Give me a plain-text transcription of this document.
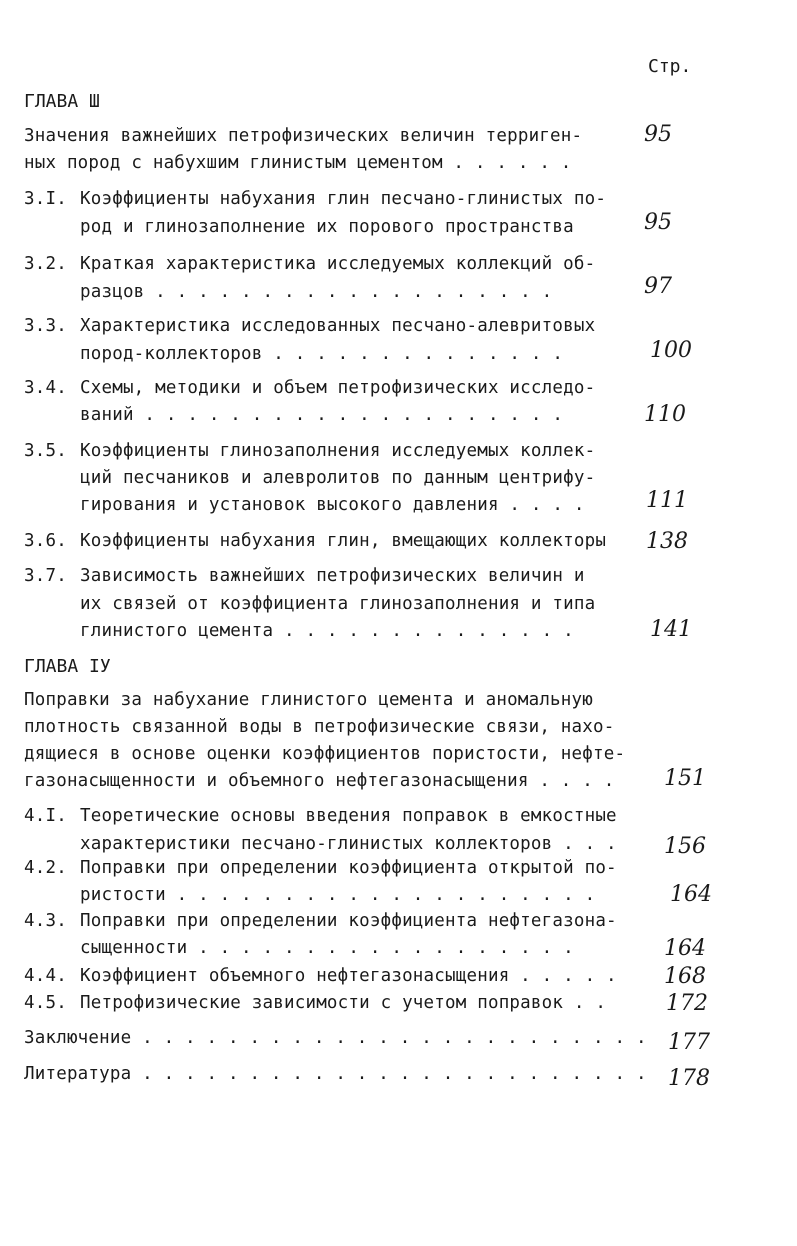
Стр.
ГЛАВА Ш
Значения важнейших петрофизических величин терриген-
ных пород с набухшим глинистым цементом . . . . . .
95
3.I. Коэффициенты набухания глин песчано-глинистых по-
род и глинозаполнение их порового пространства	95
3.2. Краткая характеристика исследуемых коллекций об-
разцов . . . . . . . . . . . . . . . . . . .	97
3.3. Характеристика исследованных песчано-алевритовых
пород-коллекторов . . . . . . . . . . . . . .	100
3.4. Схемы, методики и объем петрофизических исследо-
ваний . . . . . . . . . . . . . . . . . . . .	110
3.5. Коэффициенты глинозаполнения исследуемых коллек-
ций песчаников и алевролитов по данным центрифу-
гирования и установок высокого давления . . . .	111
3.6. Коэффициенты набухания глин, вмещающих коллекторы 138
3.7. Зависимость важнейших петрофизических величин и
их связей от коэффициента глинозаполнения и типа
глинистого цемента . . . . . . . . . . . . . .	141
ГЛАВА IУ
Поправки за набухание глинистого цемента и аномальную
плотность связанной воды в петрофизические связи, нахо-
дящиеся в основе оценки коэффициентов пористости, нефте-
газонасыщенности и объемного нефтегазонасыщения . . . . 151
4.I. Теоретические основы введения поправок в емкостные
характеристики песчано-глинистых коллекторов . . . 156
4.2. Поправки при определении коэффициента открытой по-
ристости . . . . . . . . . . . . . . . . . . . .	164
4.3. Поправки при определении коэффициента нефтегазона-
сыщенности . . . . . . . . . . . . . . . . . .	164
4.4. Коэффициент объемного нефтегазонасыщения . . . . . 168
4.5. Петрофизические зависимости с учетом поправок . .	172
Заключение . . . . . . . . . . . . . . . . . . . . . . . . 177
Литература . . . . . . . . . . . . . . . . . . . . . . . . 178
